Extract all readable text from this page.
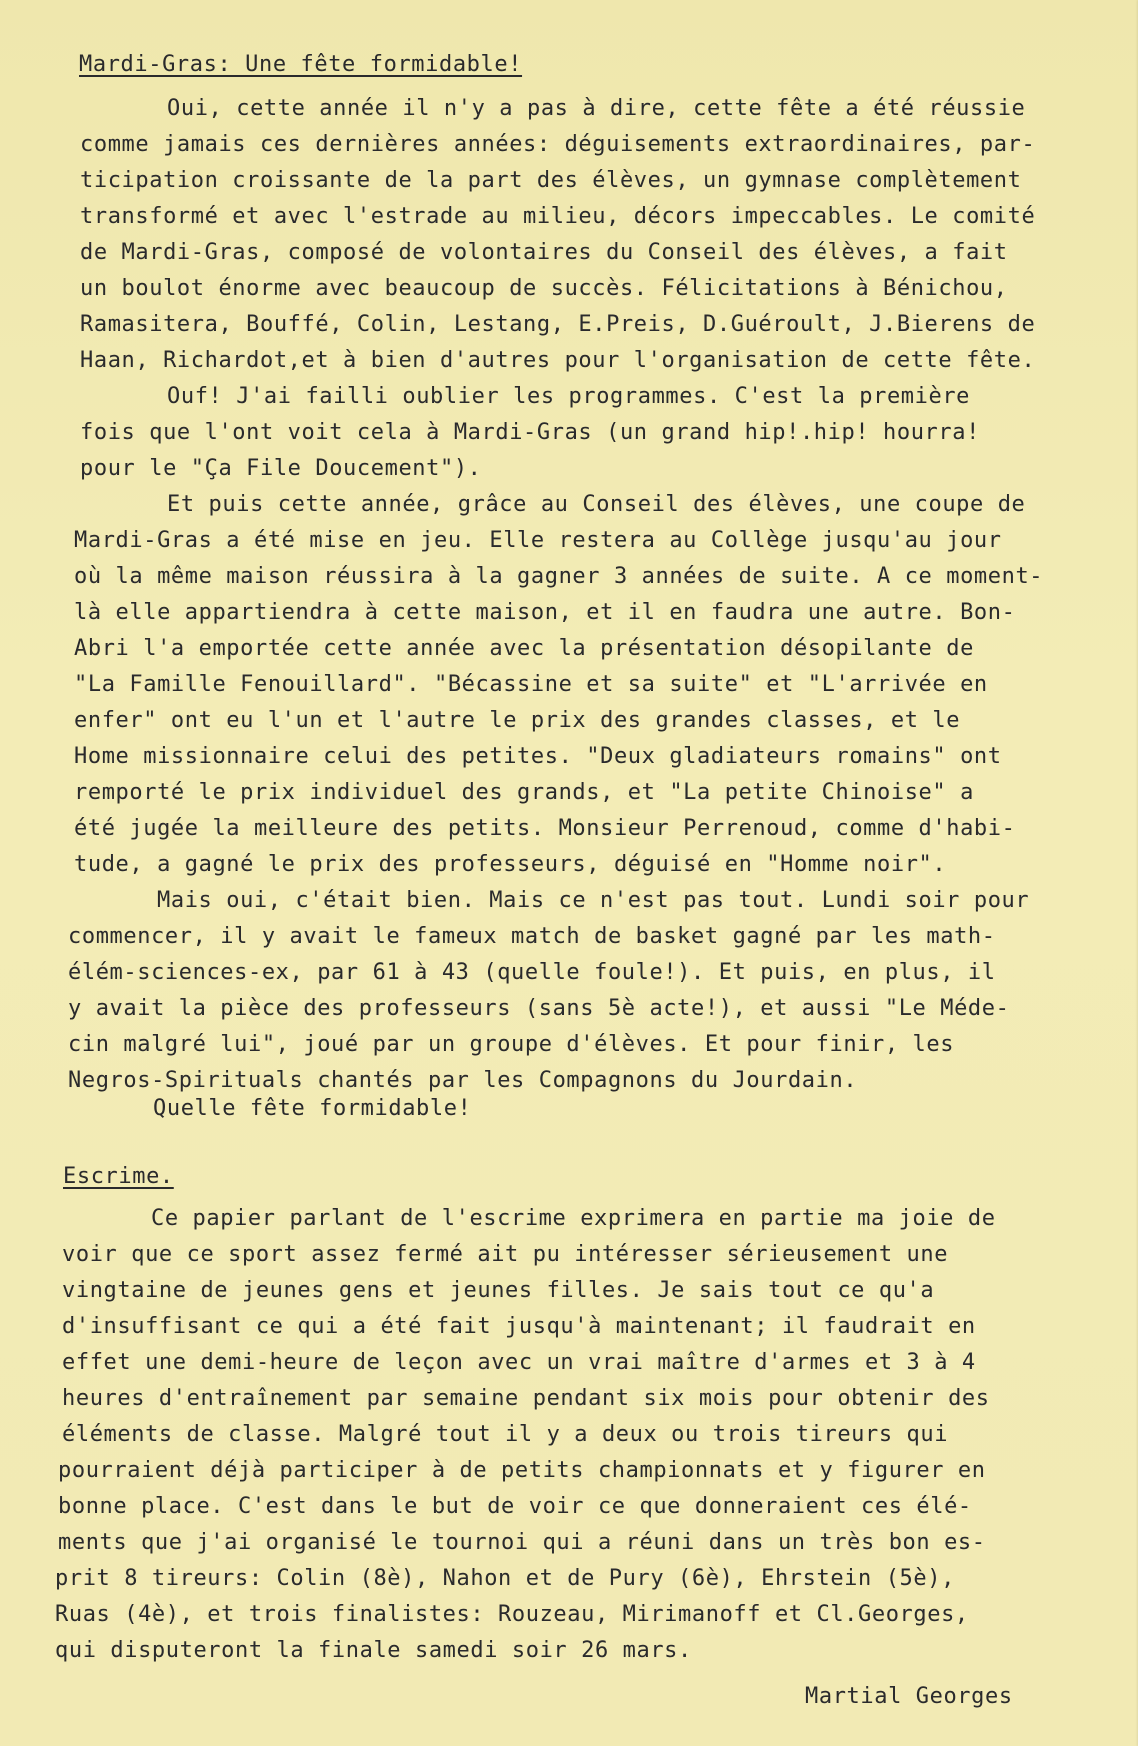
Mardi-Gras: Une fête formidable!
Oui, cette année il n'y a pas à dire, cette fête a été réussie
comme jamais ces dernières années: déguisements extraordinaires, par-
ticipation croissante de la part des élèves, un gymnase complètement
transformé et avec l'estrade au milieu, décors impeccables. Le comité
de Mardi-Gras, composé de volontaires du Conseil des élèves, a fait
un boulot énorme avec beaucoup de succès. Félicitations à Bénichou,
Ramasitera, Bouffé, Colin, Lestang, E.Preis, D.Guéroult, J.Bierens de
Haan, Richardot,et à bien d'autres pour l'organisation de cette fête.
Ouf! J'ai failli oublier les programmes. C'est la première
fois que l'ont voit cela à Mardi-Gras (un grand hip!.hip! hourra!
pour le "Ça File Doucement").
Et puis cette année, grâce au Conseil des élèves, une coupe de
Mardi-Gras a été mise en jeu. Elle restera au Collège jusqu'au jour
où la même maison réussira à la gagner 3 années de suite. A ce moment-
là elle appartiendra à cette maison, et il en faudra une autre. Bon-
Abri l'a emportée cette année avec la présentation désopilante de
"La Famille Fenouillard". "Bécassine et sa suite" et "L'arrivée en
enfer" ont eu l'un et l'autre le prix des grandes classes, et le
Home missionnaire celui des petites. "Deux gladiateurs romains" ont
remporté le prix individuel des grands, et "La petite Chinoise" a
été jugée la meilleure des petits. Monsieur Perrenoud, comme d'habi-
tude, a gagné le prix des professeurs, déguisé en "Homme noir".
Mais oui, c'était bien. Mais ce n'est pas tout. Lundi soir pour
commencer, il y avait le fameux match de basket gagné par les math-
élém-sciences-ex, par 61 à 43 (quelle foule!). Et puis, en plus, il
y avait la pièce des professeurs (sans 5è acte!), et aussi "Le Méde-
cin malgré lui", joué par un groupe d'élèves. Et pour finir, les
Negros-Spirituals chantés par les Compagnons du Jourdain.
Quelle fête formidable!
Escrime.
Ce papier parlant de l'escrime exprimera en partie ma joie de
voir que ce sport assez fermé ait pu intéresser sérieusement une
vingtaine de jeunes gens et jeunes filles. Je sais tout ce qu'a
d'insuffisant ce qui a été fait jusqu'à maintenant; il faudrait en
effet une demi-heure de leçon avec un vrai maître d'armes et 3 à 4
heures d'entraînement par semaine pendant six mois pour obtenir des
éléments de classe. Malgré tout il y a deux ou trois tireurs qui
pourraient déjà participer à de petits championnats et y figurer en
bonne place. C'est dans le but de voir ce que donneraient ces élé-
ments que j'ai organisé le tournoi qui a réuni dans un très bon es-
prit 8 tireurs: Colin (8è), Nahon et de Pury (6è), Ehrstein (5è),
Ruas (4è), et trois finalistes: Rouzeau, Mirimanoff et Cl.Georges,
qui disputeront la finale samedi soir 26 mars.
Martial Georges
